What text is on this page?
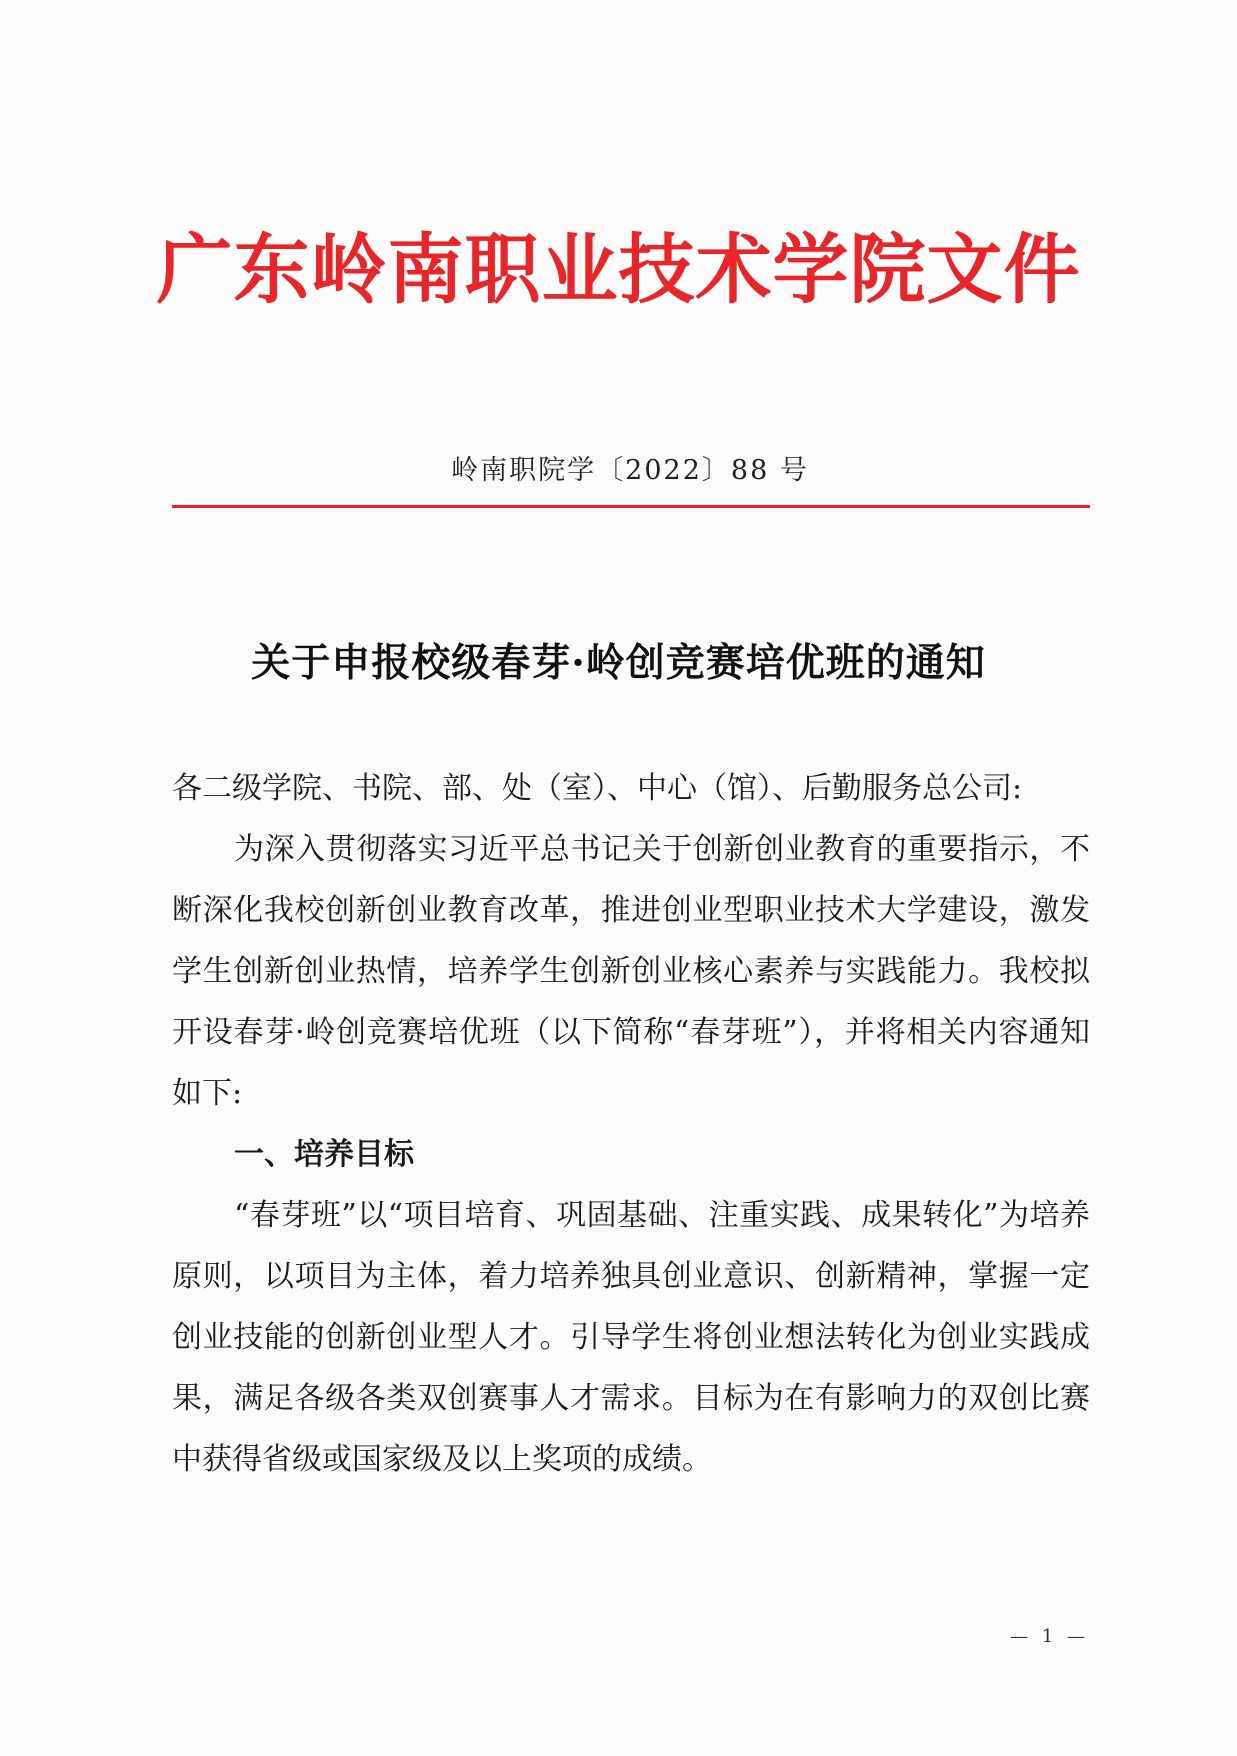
广东岭南职业技术学院文件
岭南职院学〔2022〕88 号
关于申报校级春芽·岭创竞赛培优班的通知

各二级学院、书院、部、处（室）、中心（馆）、后勤服务总公司:

为深入贯彻落实习近平总书记关于创新创业教育的重要指示，不断深化我校创新创业教育改革，推进创业型职业技术大学建设，激发学生创新创业热情，培养学生创新创业核心素养与实践能力。我校拟开设春芽·岭创竞赛培优班（以下简称“春芽班”），并将相关内容通知如下:

一、培养目标

“春芽班”以“项目培育、巩固基础、注重实践、成果转化”为培养原则，以项目为主体，着力培养独具创业意识、创新精神，掌握一定创业技能的创新创业型人才。引导学生将创业想法转化为创业实践成果，满足各级各类双创赛事人才需求。目标为在有影响力的双创比赛中获得省级或国家级及以上奖项的成绩。

— 1 —
